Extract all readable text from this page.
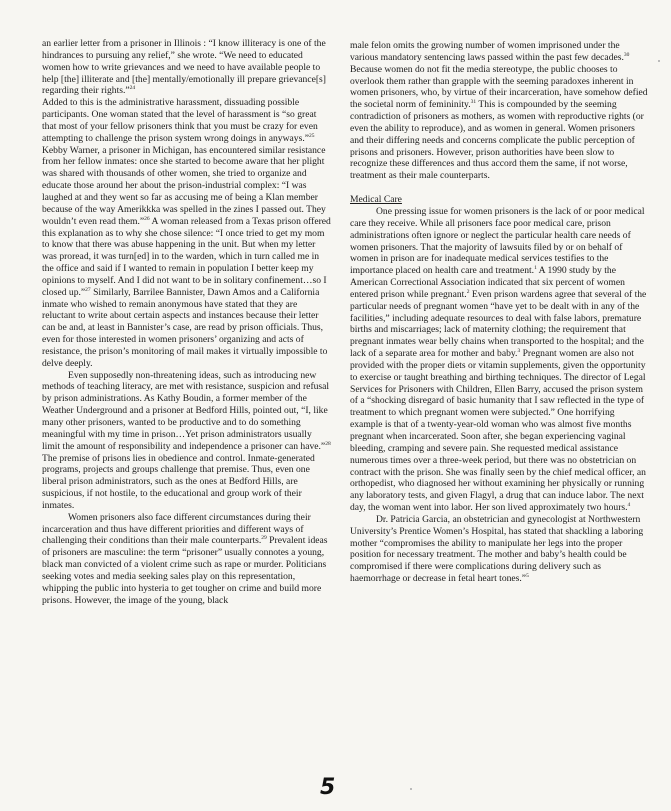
an earlier letter from a prisoner in Illinois : “I know illiteracy is one of the hindrances to pursuing any relief,” she wrote. “We need to educated women how to write grievances and we need to have available people to help [the] illiterate and [the] mentally/emotionally ill prepare grievance[s] regarding their rights.”$^{24}$

Added to this is the administrative harassment, dissuading possible participants. One woman stated that the level of harassment is “so great that most of your fellow prisoners think that you must be crazy for even attempting to challenge the prison system wrong doings in anyways.”$^{25}$ Kebby Warner, a prisoner in Michigan, has encountered similar resistance from her fellow inmates: once she started to become aware that her plight was shared with thousands of other women, she tried to organize and educate those around her about the prison-industrial complex: “I was laughed at and they went so far as accusing me of being a Klan member because of the way Amerikkka was spelled in the zines I passed out. They wouldn’t even read them.”$^{26}$ A woman released from a Texas prison offered this explanation as to why she chose silence: “I once tried to get my mom to know that there was abuse happening in the unit. But when my letter was proread, it was turn[ed] in to the warden, which in turn called me in the office and said if I wanted to remain in population I better keep my opinions to myself. And I did not want to be in solitary confinement…so I closed up.”$^{27}$ Similarly, Barrilee Bannister, Dawn Amos and a California inmate who wished to remain anonymous have stated that they are reluctant to write about certain aspects and instances because their letter can be and, at least in Bannister’s case, are read by prison officials. Thus, even for those interested in women prisoners’ organizing and acts of resistance, the prison’s monitoring of mail makes it virtually impossible to delve deeply.

Even supposedly non-threatening ideas, such as introducing new methods of teaching literacy, are met with resistance, suspicion and refusal by prison administrations. As Kathy Boudin, a former member of the Weather Underground and a prisoner at Bedford Hills, pointed out, “I, like many other prisoners, wanted to be productive and to do something meaningful with my time in prison…Yet prison administrators usually limit the amount of responsibility and independence a prisoner can have.”$^{28}$ The premise of prisons lies in obedience and control. Inmate-generated programs, projects and groups challenge that premise. Thus, even one liberal prison administrators, such as the ones at Bedford Hills, are suspicious, if not hostile, to the educational and group work of their inmates.

Women prisoners also face different circumstances during their incarceration and thus have different priorities and different ways of challenging their conditions than their male counterparts.$^{29}$ Prevalent ideas of prisoners are masculine: the term “prisoner” usually connotes a young, black man convicted of a violent crime such as rape or murder. Politicians seeking votes and media seeking sales play on this representation, whipping the public into hysteria to get tougher on crime and build more prisons. However, the image of the young, black

male felon omits the growing number of women imprisoned under the various mandatory sentencing laws passed within the past few decades.$^{30}$ Because women do not fit the media stereotype, the public chooses to overlook them rather than grapple with the seeming paradoxes inherent in women prisoners, who, by virtue of their incarceration, have somehow defied the societal norm of femininity.$^{31}$ This is compounded by the seeming contradiction of prisoners as mothers, as women with reproductive rights (or even the ability to reproduce), and as women in general. Women prisoners and their differing needs and concerns complicate the public perception of prisons and prisoners. However, prison authorities have been slow to recognize these differences and thus accord them the same, if not worse, treatment as their male counterparts.

Medical Care

One pressing issue for women prisoners is the lack of or poor medical care they receive. While all prisoners face poor medical care, prison administrations often ignore or neglect the particular health care needs of women prisoners. That the majority of lawsuits filed by or on behalf of women in prison are for inadequate medical services testifies to the importance placed on health care and treatment.$^1$ A 1990 study by the American Correctional Association indicated that six percent of women entered prison while pregnant.$^2$ Even prison wardens agree that several of the particular needs of pregnant women “have yet to be dealt with in any of the facilities,” including adequate resources to deal with false labors, premature births and miscarriages; lack of maternity clothing; the requirement that pregnant inmates wear belly chains when transported to the hospital; and the lack of a separate area for mother and baby.$^3$ Pregnant women are also not provided with the proper diets or vitamin supplements, given the opportunity to exercise or taught breathing and birthing techniques. The director of Legal Services for Prisoners with Children, Ellen Barry, accused the prison system of a “shocking disregard of basic humanity that I saw reflected in the type of treatment to which pregnant women were subjected.” One horrifying example is that of a twenty-year-old woman who was almost five months pregnant when incarcerated. Soon after, she began experiencing vaginal bleeding, cramping and severe pain. She requested medical assistance numerous times over a three-week period, but there was no obstetrician on contract with the prison. She was finally seen by the chief medical officer, an orthopedist, who diagnosed her without examining her physically or running any laboratory tests, and given Flagyl, a drug that can induce labor. The next day, the woman went into labor. Her son lived approximately two hours.$^4$

Dr. Patricia Garcia, an obstetrician and gynecologist at Northwestern University’s Prentice Women’s Hospital, has stated that shackling a laboring mother “compromises the ability to manipulate her legs into the proper position for necessary treatment. The mother and baby’s health could be compromised if there were complications during delivery such as haemorrhage or decrease in fetal heart tones.”$^5$

5
